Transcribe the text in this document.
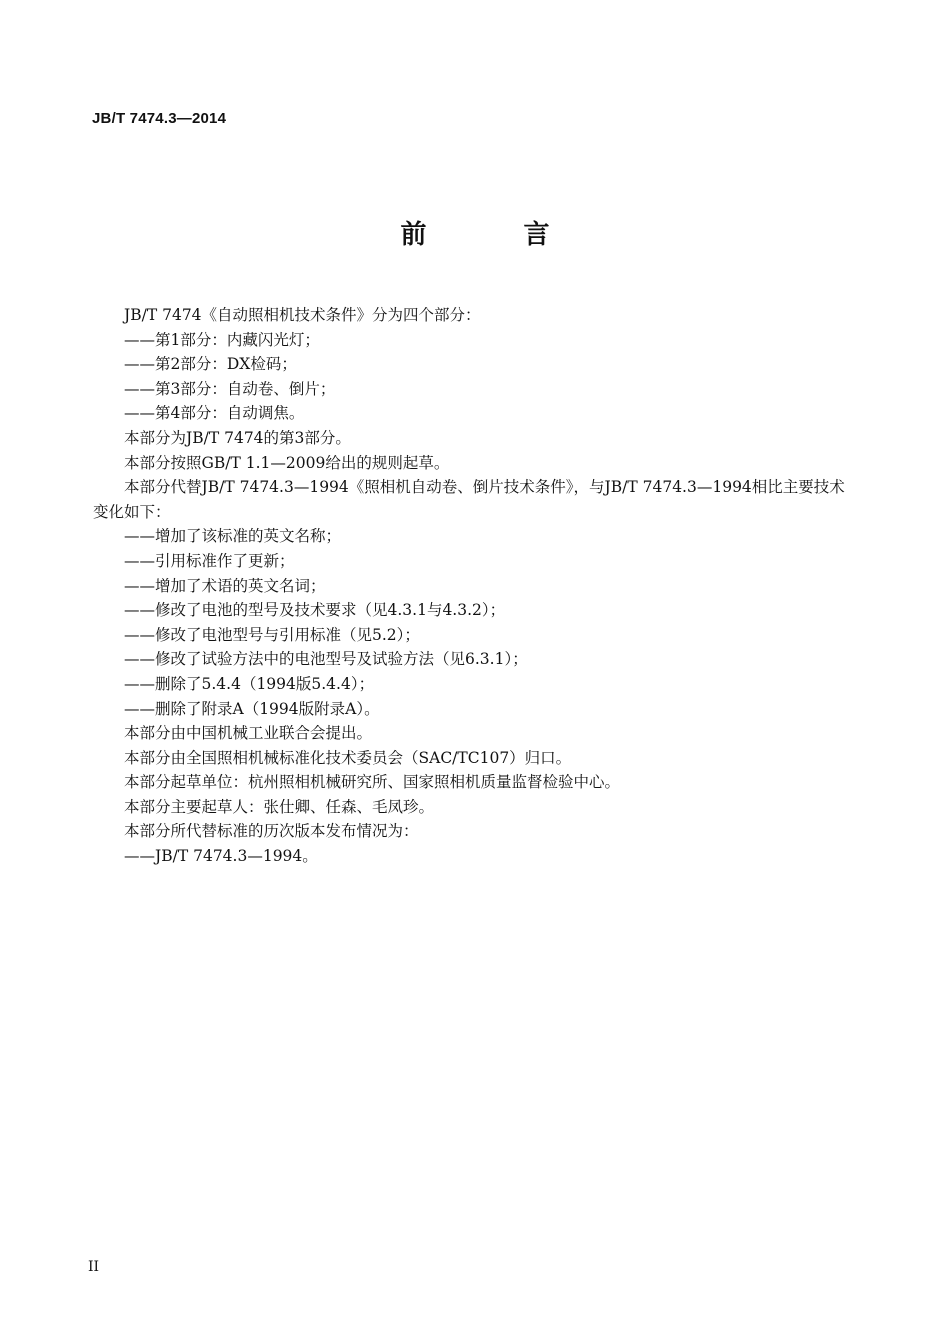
JB/T 7474.3—2014
前 言

JB/T 7474《自动照相机技术条件》分为四个部分：

——第1部分：内藏闪光灯；

——第2部分：DX检码；

——第3部分：自动卷、倒片；

——第4部分：自动调焦。

本部分为JB/T 7474的第3部分。

本部分按照GB/T 1.1—2009给出的规则起草。

本部分代替JB/T 7474.3—1994《照相机自动卷、倒片技术条件》，与JB/T 7474.3—1994相比主要技术变化如下：

——增加了该标准的英文名称；

——引用标准作了更新；

——增加了术语的英文名词；

——修改了电池的型号及技术要求（见4.3.1与4.3.2）；

——修改了电池型号与引用标准（见5.2）；

——修改了试验方法中的电池型号及试验方法（见6.3.1）；

——删除了5.4.4（1994版5.4.4）；

——删除了附录A（1994版附录A）。

本部分由中国机械工业联合会提出。

本部分由全国照相机械标准化技术委员会（SAC/TC107）归口。

本部分起草单位：杭州照相机械研究所、国家照相机质量监督检验中心。

本部分主要起草人：张仕卿、任森、毛凤珍。

本部分所代替标准的历次版本发布情况为：

——JB/T 7474.3—1994。

II
